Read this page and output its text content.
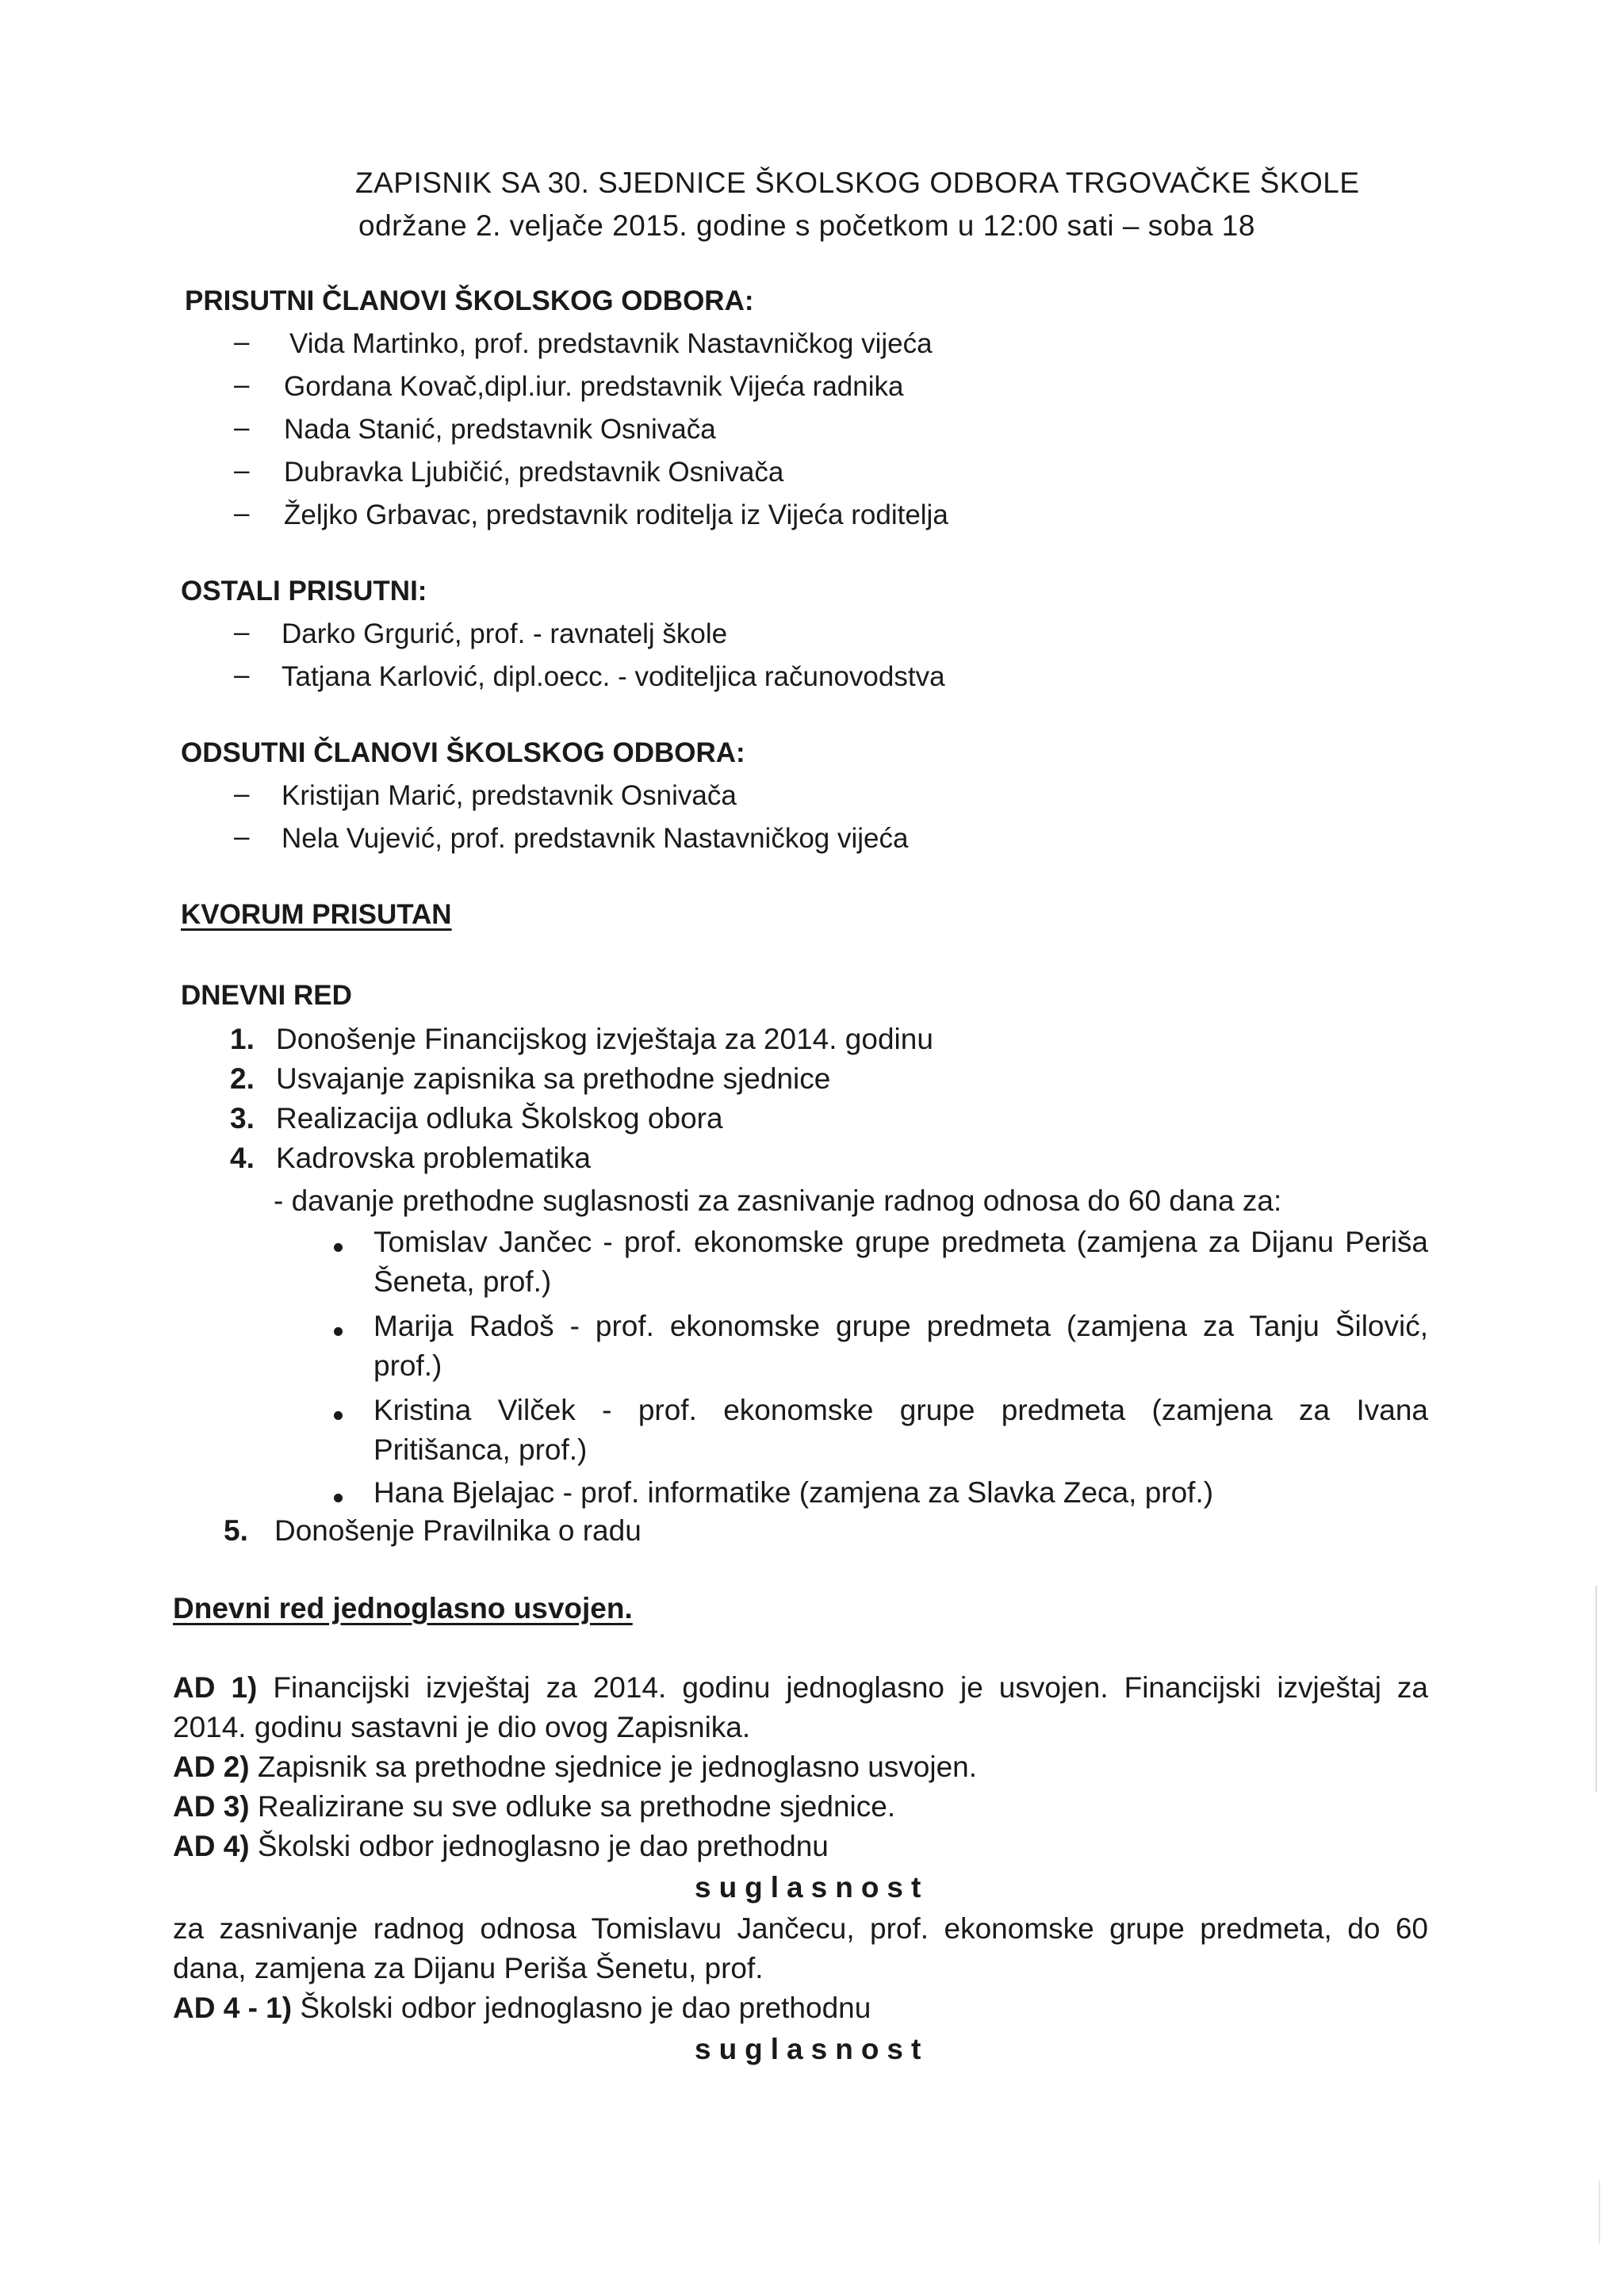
ZAPISNIK SA 30. SJEDNICE ŠKOLSKOG ODBORA TRGOVAČKE ŠKOLE
održane 2. veljače 2015. godine s početkom u 12:00 sati – soba 18
PRISUTNI ČLANOVI ŠKOLSKOG ODBORA:
– Vida Martinko, prof. predstavnik Nastavničkog vijeća
– Gordana Kovač,dipl.iur. predstavnik Vijeća radnika
– Nada Stanić, predstavnik Osnivača
– Dubravka Ljubičić, predstavnik Osnivača
– Željko Grbavac, predstavnik roditelja iz Vijeća roditelja
OSTALI PRISUTNI:
– Darko Grgurić, prof. - ravnatelj škole
– Tatjana Karlović, dipl.oecc. - voditeljica računovodstva
ODSUTNI ČLANOVI ŠKOLSKOG ODBORA:
– Kristijan Marić, predstavnik Osnivača
– Nela Vujević, prof. predstavnik Nastavničkog vijeća
KVORUM PRISUTAN
DNEVNI RED
1. Donošenje Financijskog izvještaja za 2014. godinu
2. Usvajanje zapisnika sa prethodne sjednice
3. Realizacija odluka Školskog obora
4. Kadrovska problematika
- davanje prethodne suglasnosti za zasnivanje radnog odnosa do 60 dana za:
Tomislav Jančec - prof. ekonomske grupe predmeta (zamjena za Dijanu Periša
Šeneta, prof.)
Marija Radoš - prof. ekonomske grupe predmeta (zamjena za Tanju Šilović,
prof.)
Kristina Vilček - prof. ekonomske grupe predmeta (zamjena za Ivana
Pritišanca, prof.)
Hana Bjelajac - prof. informatike (zamjena za Slavka Zeca, prof.)
5. Donošenje Pravilnika o radu
Dnevni red jednoglasno usvojen.
AD 1) Financijski izvještaj za 2014. godinu jednoglasno je usvojen. Financijski izvještaj za
2014. godinu sastavni je dio ovog Zapisnika.
AD 2) Zapisnik sa prethodne sjednice je jednoglasno usvojen.
AD 3) Realizirane su sve odluke sa prethodne sjednice.
AD 4) Školski odbor jednoglasno je dao prethodnu
suglasnost
za zasnivanje radnog odnosa Tomislavu Jančecu, prof. ekonomske grupe predmeta, do 60
dana, zamjena za Dijanu Periša Šenetu, prof.
AD 4 - 1) Školski odbor jednoglasno je dao prethodnu
suglasnost
